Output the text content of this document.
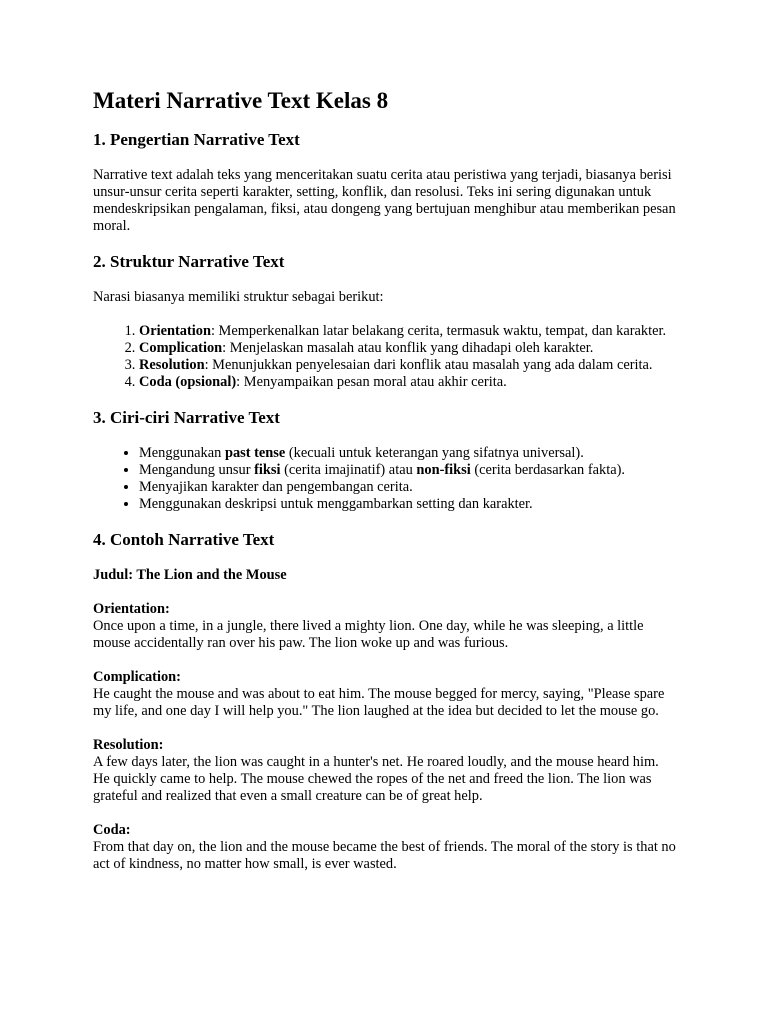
Materi Narrative Text Kelas 8
1. Pengertian Narrative Text

Narrative text adalah teks yang menceritakan suatu cerita atau peristiwa yang terjadi, biasanya berisi unsur-unsur cerita seperti karakter, setting, konflik, dan resolusi. Teks ini sering digunakan untuk mendeskripsikan pengalaman, fiksi, atau dongeng yang bertujuan menghibur atau memberikan pesan moral.

2. Struktur Narrative Text

Narasi biasanya memiliki struktur sebagai berikut:

1. Orientation: Memperkenalkan latar belakang cerita, termasuk waktu, tempat, dan karakter.
2. Complication: Menjelaskan masalah atau konflik yang dihadapi oleh karakter.
3. Resolution: Menunjukkan penyelesaian dari konflik atau masalah yang ada dalam cerita.
4. Coda (opsional): Menyampaikan pesan moral atau akhir cerita.
3. Ciri-ciri Narrative Text
• Menggunakan past tense (kecuali untuk keterangan yang sifatnya universal).
• Mengandung unsur fiksi (cerita imajinatif) atau non-fiksi (cerita berdasarkan fakta).
• Menyajikan karakter dan pengembangan cerita.
• Menggunakan deskripsi untuk menggambarkan setting dan karakter.
4. Contoh Narrative Text

Judul: The Lion and the Mouse

Orientation:
Once upon a time, in a jungle, there lived a mighty lion. One day, while he was sleeping, a little mouse accidentally ran over his paw. The lion woke up and was furious.

Complication:
He caught the mouse and was about to eat him. The mouse begged for mercy, saying, "Please spare my life, and one day I will help you." The lion laughed at the idea but decided to let the mouse go.

Resolution:
A few days later, the lion was caught in a hunter's net. He roared loudly, and the mouse heard him. He quickly came to help. The mouse chewed the ropes of the net and freed the lion. The lion was grateful and realized that even a small creature can be of great help.

Coda:
From that day on, the lion and the mouse became the best of friends. The moral of the story is that no act of kindness, no matter how small, is ever wasted.
